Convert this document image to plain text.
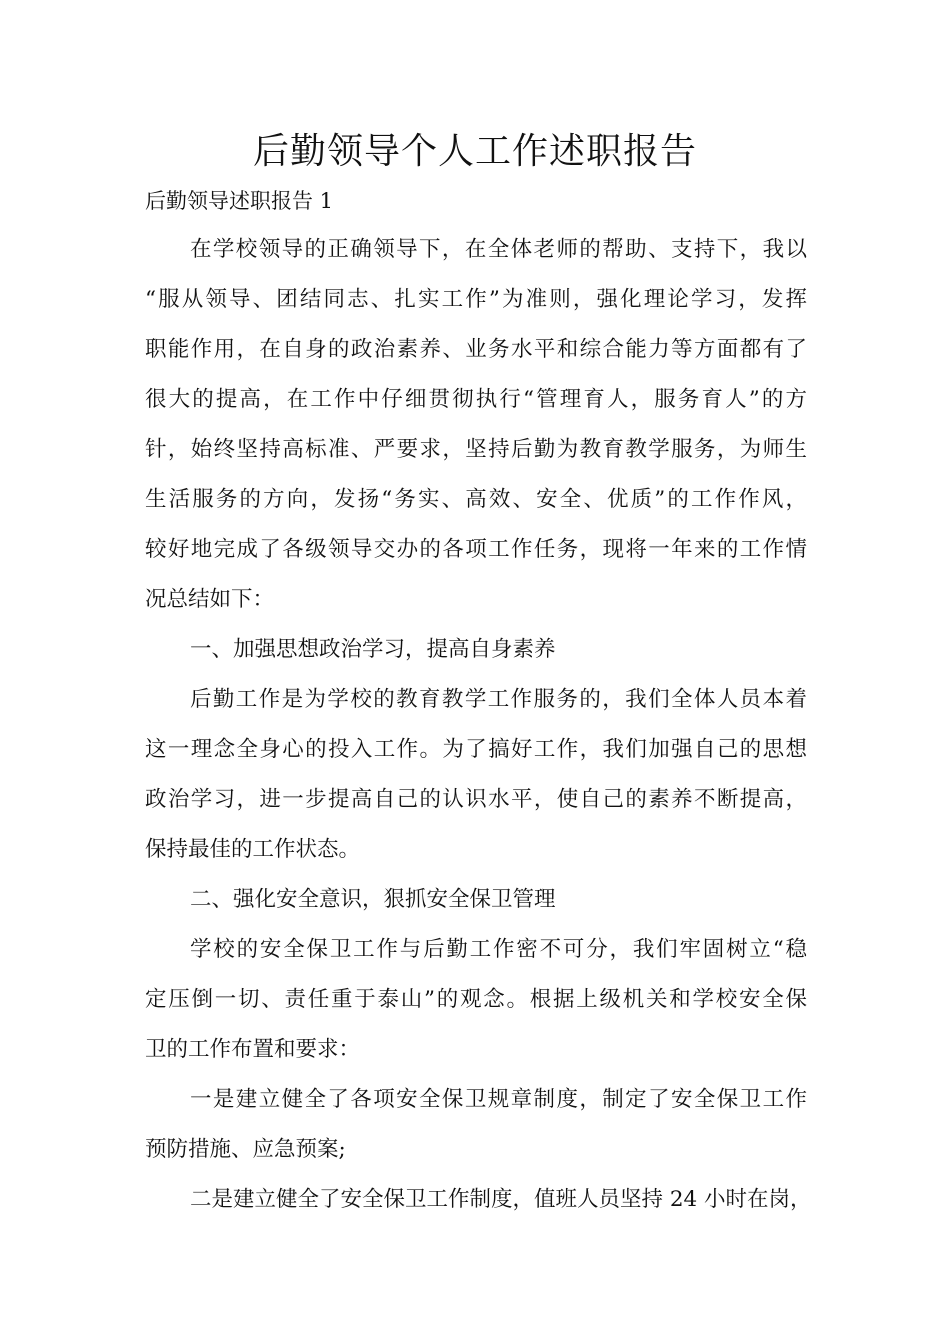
后勤领导个人工作述职报告

后勤领导述职报告 1

在学校领导的正确领导下，在全体老师的帮助、支持下，我以
“服从领导、团结同志、扎实工作”为准则，强化理论学习，发挥
职能作用，在自身的政治素养、业务水平和综合能力等方面都有了
很大的提高，在工作中仔细贯彻执行“管理育人，服务育人”的方
针，始终坚持高标准、严要求，坚持后勤为教育教学服务，为师生
生活服务的方向，发扬“务实、高效、安全、优质”的工作作风，
较好地完成了各级领导交办的各项工作任务，现将一年来的工作情
况总结如下：
一、加强思想政治学习，提高自身素养
后勤工作是为学校的教育教学工作服务的，我们全体人员本着
这一理念全身心的投入工作。为了搞好工作，我们加强自己的思想
政治学习，进一步提高自己的认识水平，使自己的素养不断提高，
保持最佳的工作状态。
二、强化安全意识，狠抓安全保卫管理
学校的安全保卫工作与后勤工作密不可分，我们牢固树立“稳
定压倒一切、责任重于泰山”的观念。根据上级机关和学校安全保
卫的工作布置和要求：
一是建立健全了各项安全保卫规章制度，制定了安全保卫工作
预防措施、应急预案;
二是建立健全了安全保卫工作制度，值班人员坚持 24 小时在岗，
